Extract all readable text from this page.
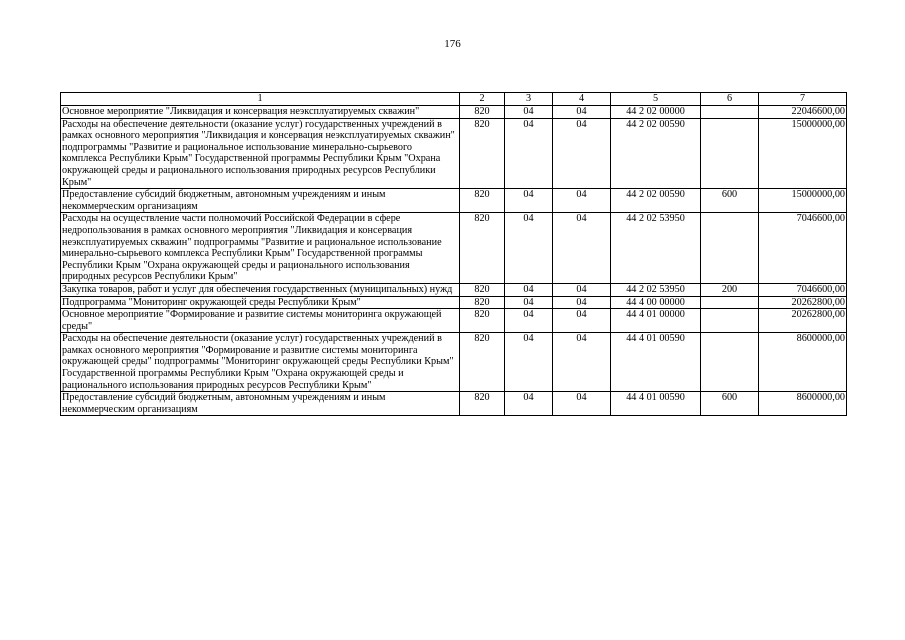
176
1	2	3	4	5	6	7
Основное мероприятие "Ликвидация и консервация неэксплуатируемых скважин"	820	04	04	44 2 02 00000		22046600,00
Расходы на обеспечение деятельности (оказание услуг) государственных учреждений в рамках основного мероприятия "Ликвидация и консервация неэксплуатируемых скважин" подпрограммы "Развитие и рациональное использование минерально-сырьевого комплекса Республики Крым" Государственной программы Республики Крым "Охрана окружающей среды и рационального использования природных ресурсов Республики Крым"	820	04	04	44 2 02 00590		15000000,00
Предоставление субсидий бюджетным, автономным учреждениям и иным некоммерческим организациям	820	04	04	44 2 02 00590	600	15000000,00
Расходы на осуществление части полномочий Российской Федерации в сфере недропользования в рамках основного мероприятия "Ликвидация и консервация неэксплуатируемых скважин" подпрограммы "Развитие и рациональное использование минерально-сырьевого комплекса Республики Крым" Государственной программы Республики Крым "Охрана окружающей среды и рационального использования природных ресурсов Республики Крым"	820	04	04	44 2 02 53950		7046600,00
Закупка товаров, работ и услуг для обеспечения государственных (муниципальных) нужд	820	04	04	44 2 02 53950	200	7046600,00
Подпрограмма "Мониторинг окружающей среды Республики Крым"	820	04	04	44 4 00 00000		20262800,00
Основное мероприятие "Формирование и развитие системы мониторинга окружающей среды"	820	04	04	44 4 01 00000		20262800,00
Расходы на обеспечение деятельности (оказание услуг) государственных учреждений в рамках основного мероприятия "Формирование и развитие системы мониторинга окружающей среды" подпрограммы "Мониторинг окружающей среды Республики Крым" Государственной программы Республики Крым "Охрана окружающей среды и рационального использования природных ресурсов Республики Крым"	820	04	04	44 4 01 00590		8600000,00
Предоставление субсидий бюджетным, автономным учреждениям и иным некоммерческим организациям	820	04	04	44 4 01 00590	600	8600000,00
